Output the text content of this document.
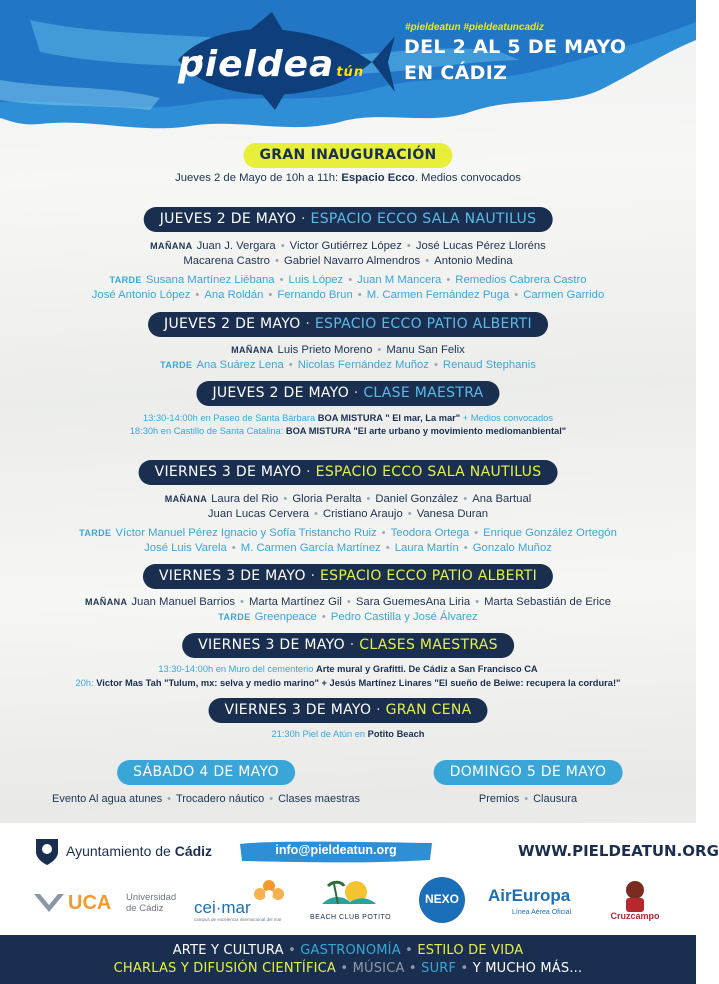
pieldea tún
#pieldeatun #pieldeatuncadiz
DEL 2 AL 5 DE MAYO
EN CÁDIZ
GRAN INAUGURACIÓN
Jueves 2 de Mayo de 10h a 11h: Espacio Ecco. Medios convocados
JUEVES 2 DE MAYO · ESPACIO ECCO SALA NAUTILUS
MAÑANA Juan J. Vergara • Victor Gutiérrez López • José Lucas Pérez Lloréns
Macarena Castro • Gabriel Navarro Almendros • Antonio Medina
TARDE Susana Martínez Liébana • Luis López • Juan M Mancera • Remedios Cabrera Castro
José Antonio López • Ana Roldán • Fernando Brun • M. Carmen Fernández Puga • Carmen Garrido
JUEVES 2 DE MAYO · ESPACIO ECCO PATIO ALBERTI
MAÑANA Luis Prieto Moreno • Manu San Felix
TARDE Ana Suárez Lena • Nicolas Fernández Muñoz • Renaud Stephanis
JUEVES 2 DE MAYO · CLASE MAESTRA
13:30-14:00h en Paseo de Santa Bárbara BOA MISTURA " El mar, La mar" + Medios convocados
18:30h en Castillo de Santa Catalina: BOA MISTURA "El arte urbano y movimiento mediomanbiental"
VIERNES 3 DE MAYO · ESPACIO ECCO SALA NAUTILUS
MAÑANA Laura del Rio • Gloria Peralta • Daniel González • Ana Bartual
Juan Lucas Cervera • Cristiano Araujo • Vanesa Duran
TARDE Víctor Manuel Pérez Ignacio y Sofía Tristancho Ruiz • Teodora Ortega • Enrique González Ortegón
José Luis Varela • M. Carmen García Martínez • Laura Martín • Gonzalo Muñoz
VIERNES 3 DE MAYO · ESPACIO ECCO PATIO ALBERTI
MAÑANA Juan Manuel Barrios • Marta Martínez Gil • Sara GuemesAna Liria • Marta Sebastián de Erice
TARDE Greenpeace • Pedro Castilla y José Álvarez
VIERNES 3 DE MAYO · CLASES MAESTRAS
13:30-14:00h en Muro del cementerio Arte mural y Grafitti. De Cádiz a San Francisco CA
20h: Victor Mas Tah "Tulum, mx: selva y medio marino" + Jesús Martínez Linares "El sueño de Beiwe: recupera la cordura!"
VIERNES 3 DE MAYO · GRAN CENA
21:30h Piel de Atún en Potito Beach
SÁBADO 4 DE MAYO	DOMINGO 5 DE MAYO
Evento Al agua atunes • Trocadero náutico • Clases maestras	Premios • Clausura
Ayuntamiento de Cádiz	info@pieldeatun.org	WWW.PIELDEATUN.ORG
UCA Universidad
de Cádiz	cei·mar
campus de excelencia internacional del mar	BEACH CLUB POTITO
NEXO	AirEuropa
Línea Aérea Oficial	Cruzcampo
ARTE Y CULTURA • GASTRONOMÍA • ESTILO DE VIDA
CHARLAS Y DIFUSIÓN CIENTÍFICA • MÚSICA • SURF • Y MUCHO MÁS...
